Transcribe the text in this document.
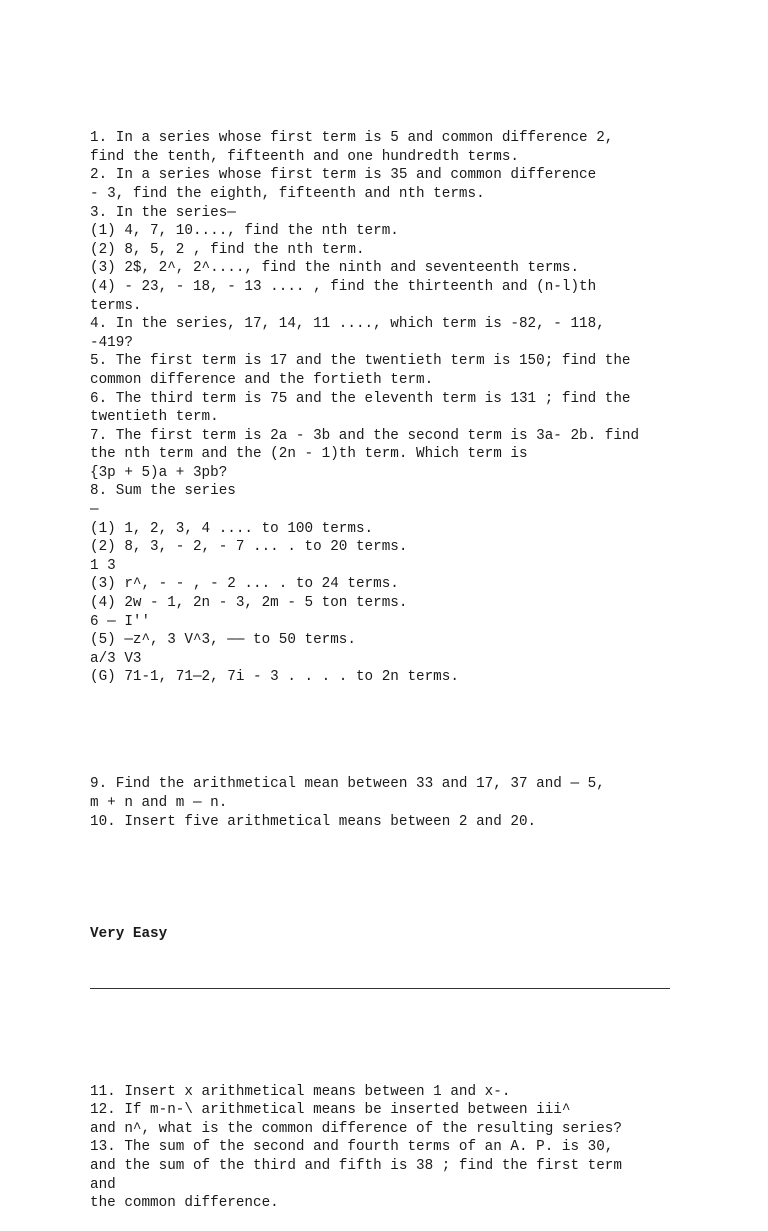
1. In a series whose first term is 5 and common difference 2,
find the tenth, fifteenth and one hundredth terms.
2. In a series whose first term is 35 and common difference
- 3, find the eighth, fifteenth and nth terms.
3. In the series—
(1) 4, 7, 10...., find the nth term.
(2) 8, 5, 2 , find the nth term.
(3) 2$, 2^, 2^...., find the ninth and seventeenth terms.
(4) - 23, - 18, - 13 .... , find the thirteenth and (n-l)th
terms.
4. In the series, 17, 14, 11 ...., which term is -82, - 118,
-419?
5. The first term is 17 and the twentieth term is 150; find the
common difference and the fortieth term.
6. The third term is 75 and the eleventh term is 131 ; find the
twentieth term.
7. The first term is 2a - 3b and the second term is 3a- 2b. find
the nth term and the (2n - 1)th term. Which term is
{3p + 5)a + 3pb?
8. Sum the series
—
(1) 1, 2, 3, 4 .... to 100 terms.
(2) 8, 3, - 2, - 7 ... . to 20 terms.
1 3
(3) r^, - - , - 2 ... . to 24 terms.
(4) 2w - 1, 2n - 3, 2m - 5 ton terms.
6 — I''
(5) —z^, 3 V^3, —— to 50 terms.
a/3 V3
(G) 71-1, 71—2, 7i - 3 . . . . to 2n terms.

9. Find the arithmetical mean between 33 and 17, 37 and — 5,
m + n and m — n.
10. Insert five arithmetical means between 2 and 20.

Very Easy

11. Insert x arithmetical means between 1 and x-.
12. If m-n-\ arithmetical means be inserted between iii^
and n^, what is the common difference of the resulting series?
13. The sum of the second and fourth terms of an A. P. is 30,
and the sum of the third and fifth is 38 ; find the first term
and
the common difference.
